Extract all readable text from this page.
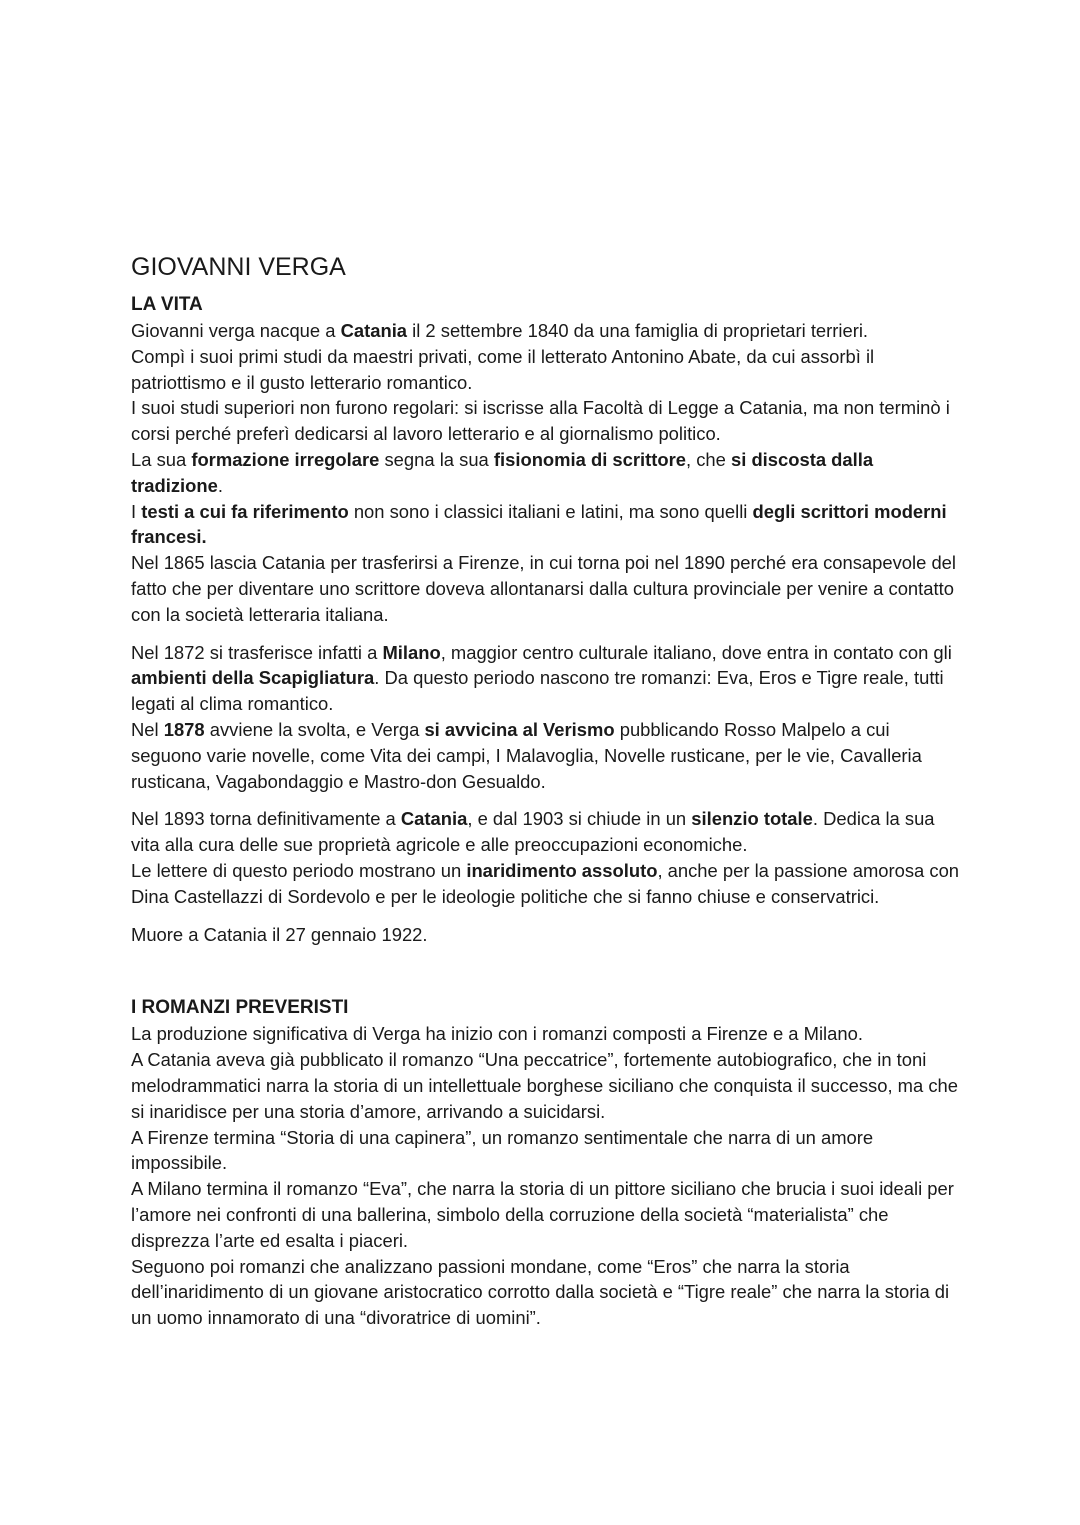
GIOVANNI VERGA
LA VITA

Giovanni verga nacque a Catania il 2 settembre 1840 da una famiglia di proprietari terrieri.

Compì i suoi primi studi da maestri privati, come il letterato Antonino Abate, da cui assorbì il patriottismo e il gusto letterario romantico.

I suoi studi superiori non furono regolari: si iscrisse alla Facoltà di Legge a Catania, ma non terminò i corsi perché preferì dedicarsi al lavoro letterario e al giornalismo politico.

La sua formazione irregolare segna la sua fisionomia di scrittore, che si discosta dalla tradizione.

I testi a cui fa riferimento non sono i classici italiani e latini, ma sono quelli degli scrittori moderni francesi.

Nel 1865 lascia Catania per trasferirsi a Firenze, in cui torna poi nel 1890 perché era consapevole del fatto che per diventare uno scrittore doveva allontanarsi dalla cultura provinciale per venire a contatto con la società letteraria italiana.

Nel 1872 si trasferisce infatti a Milano, maggior centro culturale italiano, dove entra in contato con gli ambienti della Scapigliatura. Da questo periodo nascono tre romanzi: Eva, Eros e Tigre reale, tutti legati al clima romantico.

Nel 1878 avviene la svolta, e Verga si avvicina al Verismo pubblicando Rosso Malpelo a cui seguono varie novelle, come Vita dei campi, I Malavoglia, Novelle rusticane, per le vie, Cavalleria rusticana, Vagabondaggio e Mastro-don Gesualdo.

Nel 1893 torna definitivamente a Catania, e dal 1903 si chiude in un silenzio totale. Dedica la sua vita alla cura delle sue proprietà agricole e alle preoccupazioni economiche.

Le lettere di questo periodo mostrano un inaridimento assoluto, anche per la passione amorosa con Dina Castellazzi di Sordevolo e per le ideologie politiche che si fanno chiuse e conservatrici.

Muore a Catania il 27 gennaio 1922.

I ROMANZI PREVERISTI

La produzione significativa di Verga ha inizio con i romanzi composti a Firenze e a Milano.

A Catania aveva già pubblicato il romanzo “Una peccatrice”, fortemente autobiografico, che in toni melodrammatici narra la storia di un intellettuale borghese siciliano che conquista il successo, ma che si inaridisce per una storia d’amore, arrivando a suicidarsi.

A Firenze termina “Storia di una capinera”, un romanzo sentimentale che narra di un amore impossibile.

A Milano termina il romanzo “Eva”, che narra la storia di un pittore siciliano che brucia i suoi ideali per l’amore nei confronti di una ballerina, simbolo della corruzione della società “materialista” che disprezza l’arte ed esalta i piaceri.

Seguono poi romanzi che analizzano passioni mondane, come “Eros” che narra la storia dell’inaridimento di un giovane aristocratico corrotto dalla società e “Tigre reale” che narra la storia di un uomo innamorato di una “divoratrice di uomini”.
